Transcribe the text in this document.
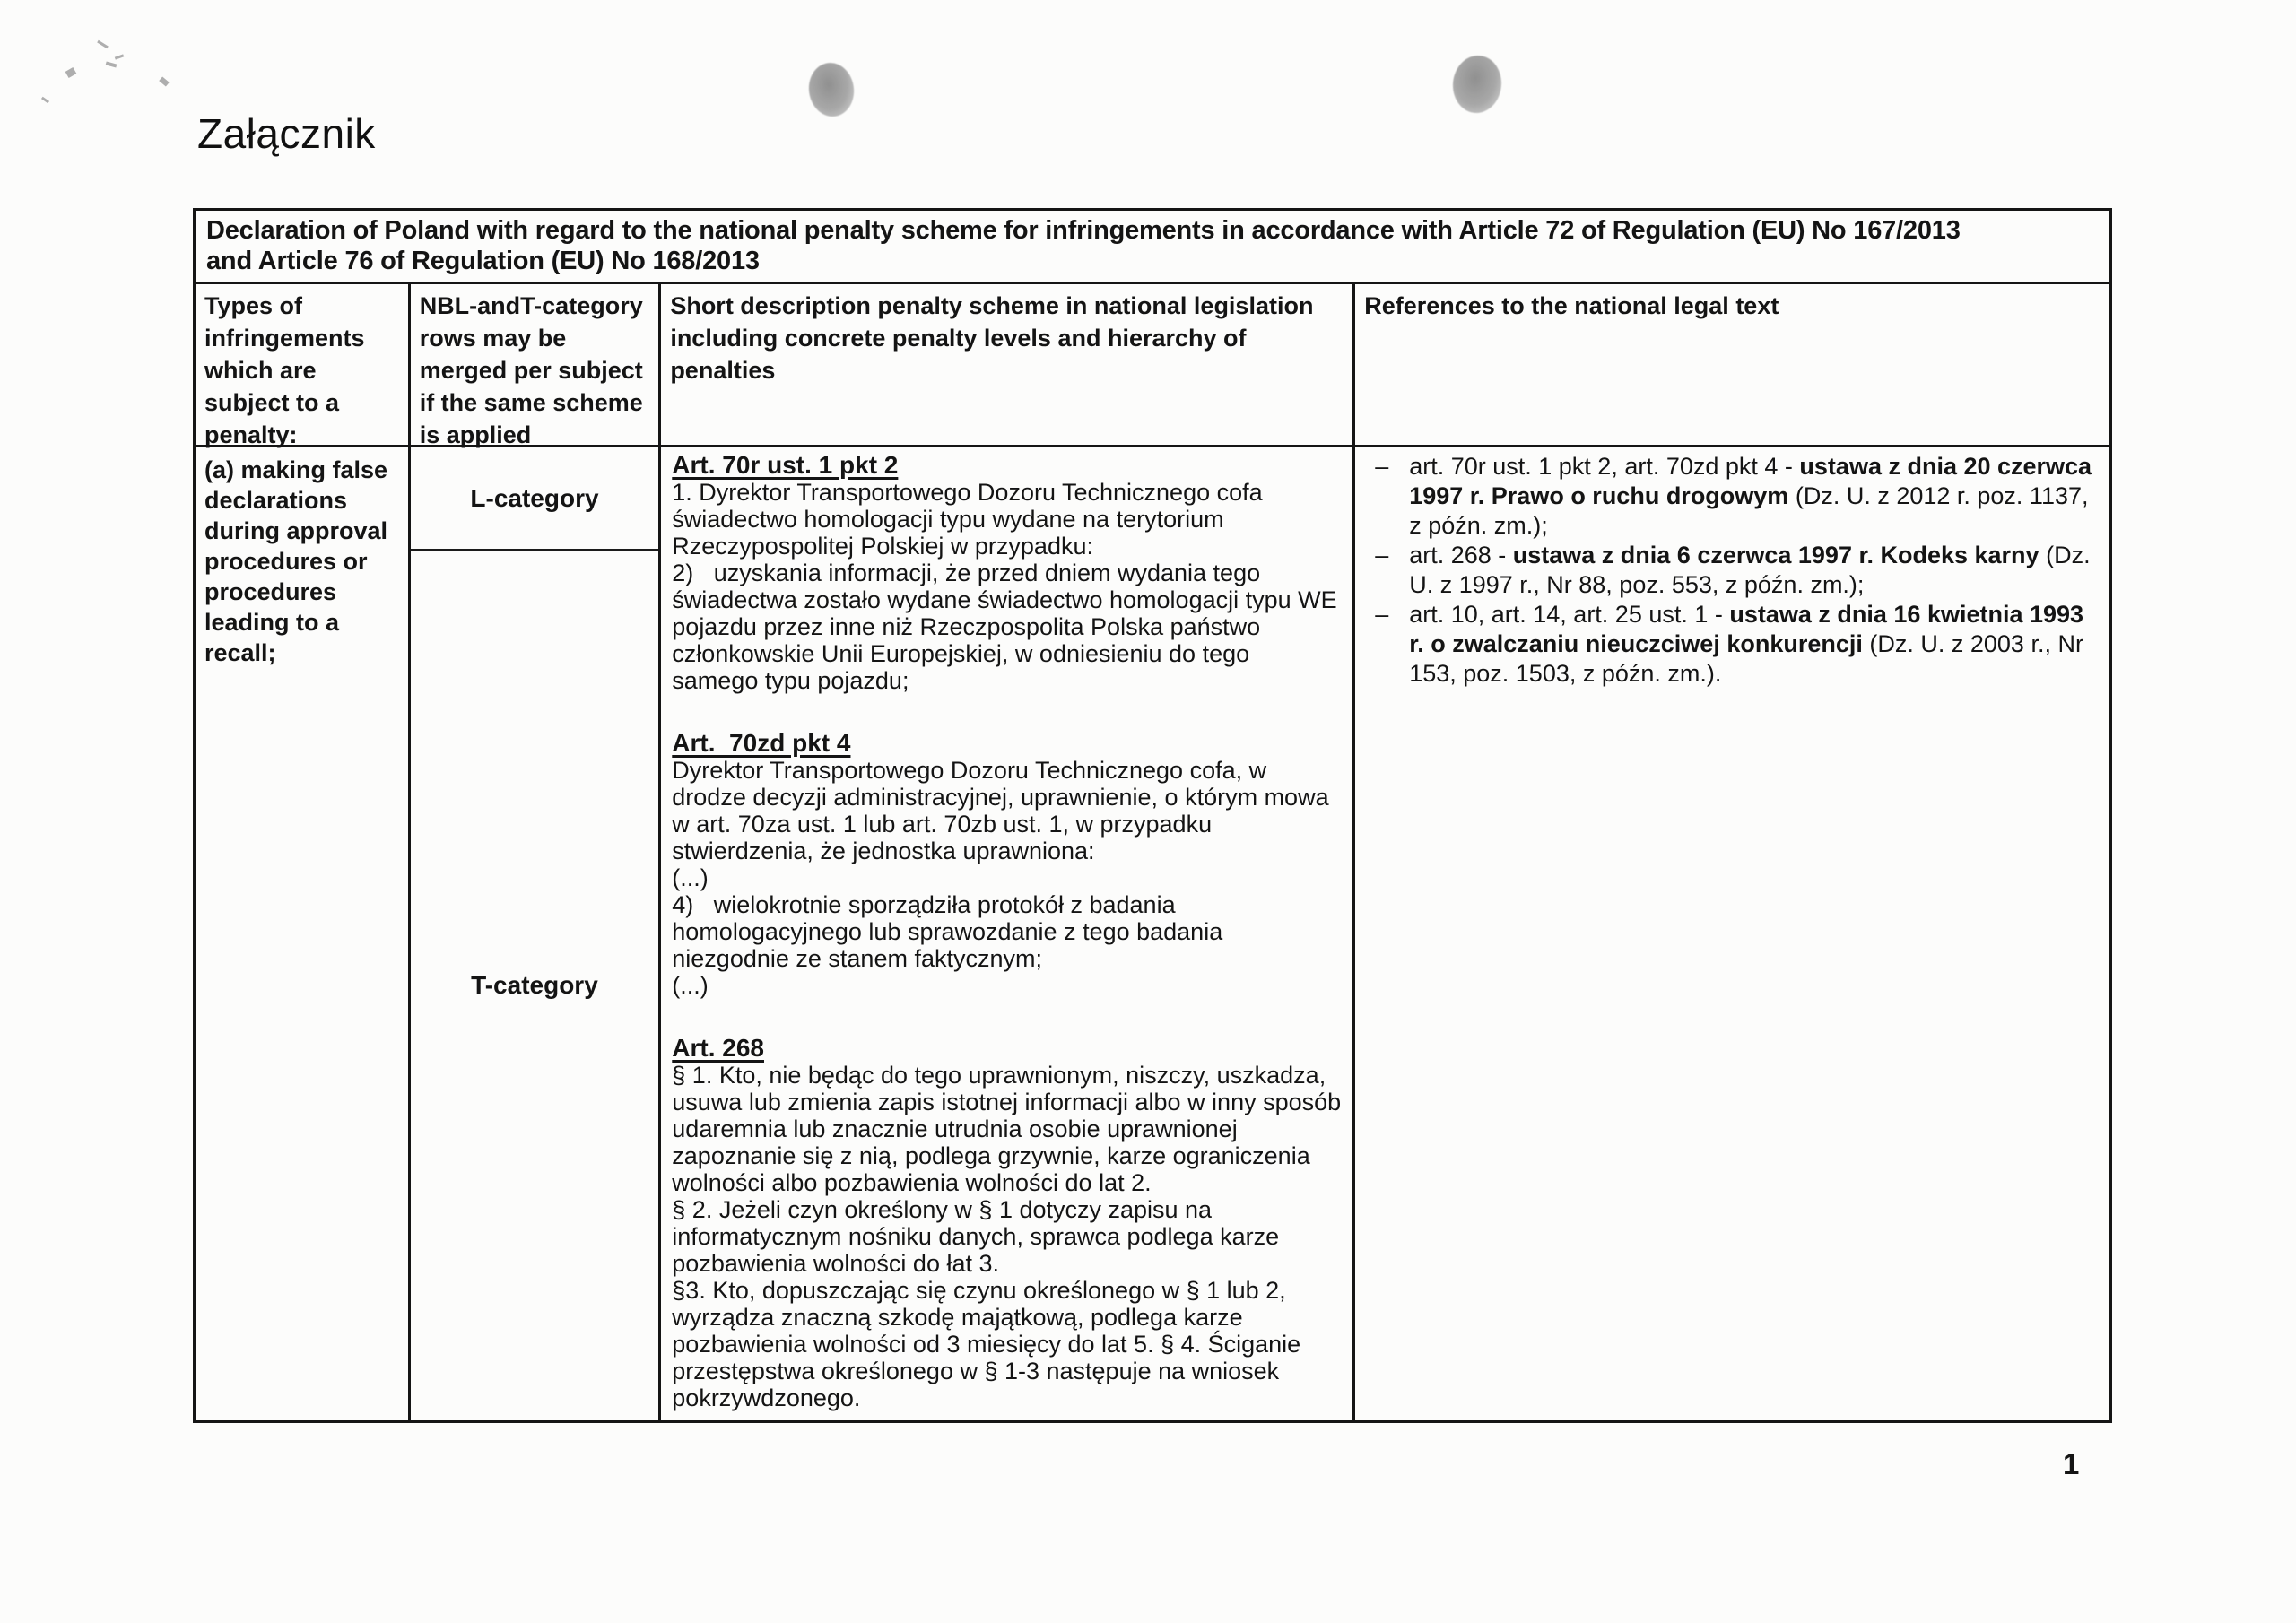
Załącznik
Declaration of Poland with regard to the national penalty scheme for infringements in accordance with Article 72 of Regulation (EU) No 167/2013
and Article 76 of Regulation (EU) No 168/2013
Types of infringements which are subject to a penalty:
NBL-andT-category rows may be merged per subject if the same scheme is applied
Short description penalty scheme in national legislation including concrete penalty levels and hierarchy of penalties
References to the national legal text
(a) making false declarations during approval procedures or procedures leading to a recall;
L-category
T-category
Art. 70r ust. 1 pkt 2

1. Dyrektor Transportowego Dozoru Technicznego cofa świadectwo homologacji typu wydane na terytorium Rzeczypospolitej Polskiej w przypadku:

2)   uzyskania informacji, że przed dniem wydania tego świadectwa zostało wydane świadectwo homologacji typu WE pojazdu przez inne niż Rzeczpospolita Polska państwo członkowskie Unii Europejskiej, w odniesieniu do tego samego typu pojazdu;

Art.  70zd pkt 4

Dyrektor Transportowego Dozoru Technicznego cofa, w drodze decyzji administracyjnej, uprawnienie, o którym mowa w art. 70za ust. 1 lub art. 70zb ust. 1, w przypadku stwierdzenia, że jednostka uprawniona:

(...)

4)   wielokrotnie sporządziła protokół z badania homologacyjnego lub sprawozdanie z tego badania niezgodnie ze stanem faktycznym;

(...)

Art. 268

§ 1. Kto, nie będąc do tego uprawnionym, niszczy, uszkadza, usuwa lub zmienia zapis istotnej informacji albo w inny sposób udaremnia lub znacznie utrudnia osobie uprawnionej zapoznanie się z nią, podlega grzywnie, karze ograniczenia wolności albo pozbawienia wolności do lat 2.

§ 2. Jeżeli czyn określony w § 1 dotyczy zapisu na informatycznym nośniku danych, sprawca podlega karze pozbawienia wolności do łat 3.

§3. Kto, dopuszczając się czynu określonego w § 1 lub 2, wyrządza znaczną szkodę majątkową, podlega karze pozbawienia wolności od 3 miesięcy do lat 5. § 4. Ściganie przestępstwa określonego w § 1-3 następuje na wniosek pokrzywdzonego.

– art. 70r ust. 1 pkt 2, art. 70zd pkt 4 - ustawa z dnia 20 czerwca 1997 r. Prawo o ruchu drogowym (Dz. U. z 2012 r. poz. 1137, z późn. zm.);
– art. 268 - ustawa z dnia 6 czerwca 1997 r. Kodeks karny (Dz. U. z 1997 r., Nr 88, poz. 553, z późn. zm.);
– art. 10, art. 14, art. 25 ust. 1 - ustawa z dnia 16 kwietnia 1993 r. o zwalczaniu nieuczciwej konkurencji (Dz. U. z 2003 r., Nr 153, poz. 1503, z późn. zm.).
1
